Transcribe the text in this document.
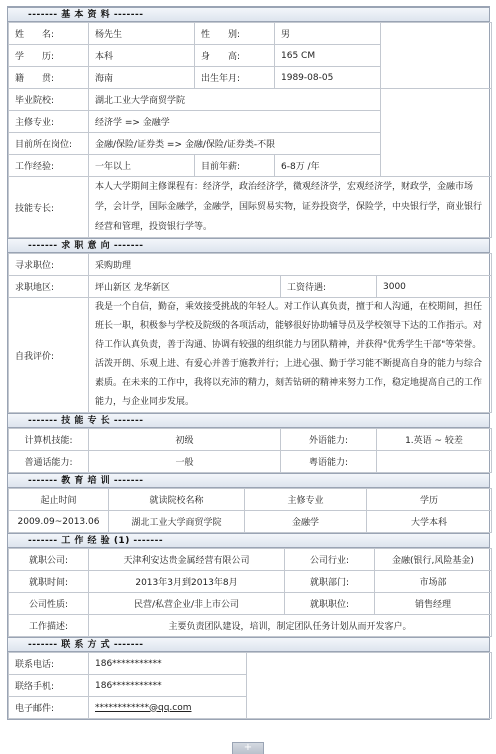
------- 基 本 资 料 -------
姓　　名:	杨先生	性　　别:	男	
学　　历:	本科	身　　高:	165 CM	
籍　　贯:	海南	出生年月:	1989-08-05	
毕业院校:	湖北工业大学商贸学院			
主修专业:	经济学 => 金融学			
目前所在岗位:	金融/保险/证券类 => 金融/保险/证券类-不限			
工作经验:	一年以上	目前年薪:	6-8万 /年	
技能专长:	本人大学期间主修课程有：经济学，政治经济学，微观经济学，宏观经济学，财政学，金融市场学，会计学，国际金融学，金融学，国际贸易实物，证券投资学，保险学，中央银行学，商业银行经营和管理，投资银行学等。			
------- 求 职 意 向 -------
寻求职位:	采购助理		
求职地区:	坪山新区 龙华新区	工资待遇:	3000
自我评价:	我是一个自信，勤奋，乘效接受挑战的年轻人。对工作认真负责，擅于和人沟通，在校期间，担任班长一职，积极参与学校及院级的各项活动，能够很好协助辅导员及学校领导下达的工作指示。对待工作认真负责，善于沟通、协调有较强的组织能力与团队精神，并获得"优秀学生干部"等荣誉。活泼开朗、乐观上进、有爱心并善于施教并行；上进心强、勤于学习能不断提高自身的能力与综合素质。在未来的工作中，我将以充沛的精力，刻苦钻研的精神来努力工作，稳定地提高自己的工作能力，与企业同步发展。		
------- 技 能 专 长 -------
计算机技能:	初级	外语能力:	1.英语 ~ 较差
普通话能力:	一般	粤语能力:	
------- 教 育 培 训 -------
起止时间	就读院校名称	主修专业	学历
2009.09~2013.06	湖北工业大学商贸学院	金融学	大学本科
------- 工 作 经 验 (1) -------
就职公司:	天津利安达贵金属经营有限公司	公司行业:	金融(银行,风险基金)
就职时间:	2013年3月到2013年8月	就职部门:	市场部
公司性质:	民营/私营企业/非上市公司	就职职位:	销售经理
工作描述:	主要负责团队建设，培训，制定团队任务计划从而开发客户。		
------- 联 系 方 式 -------
联系电话:	186***********	
联络手机:	186***********	
电子邮件:	************@qq.com	
+
